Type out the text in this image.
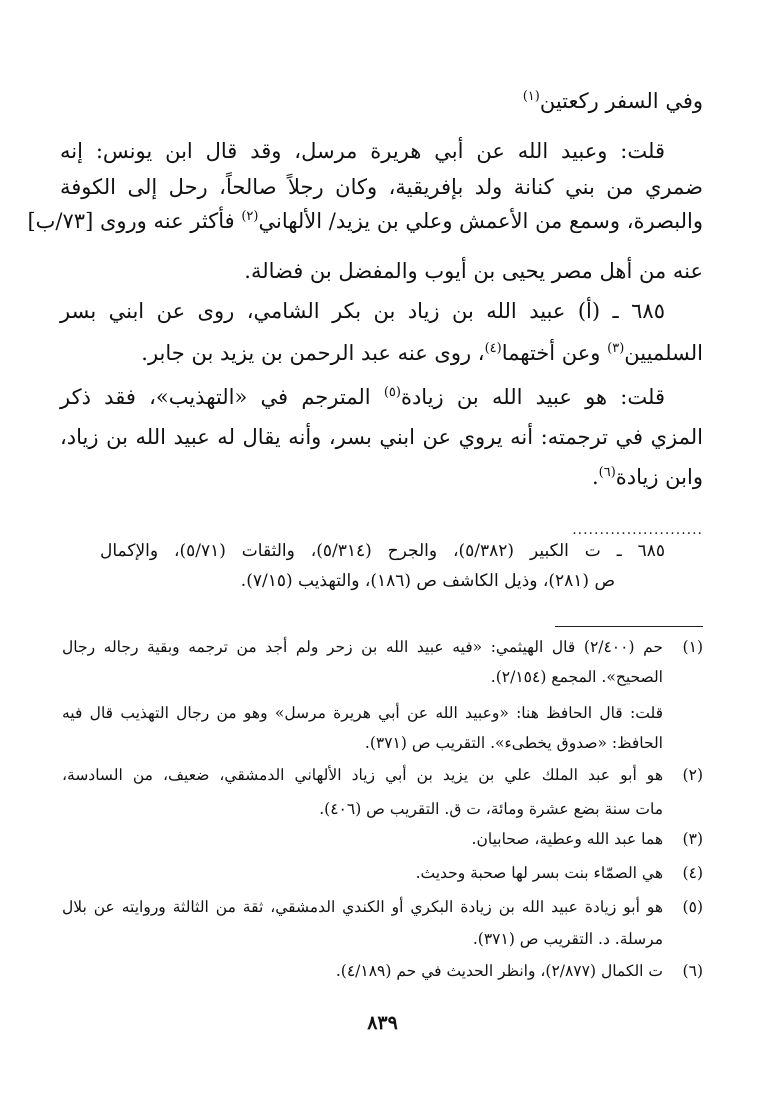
وفي السفر ركعتين$^{(١)}$
قلت: وعبيد الله عن أبي هريرة مرسل، وقد قال ابن يونس: إنه
ضمري من بني كنانة ولد بإفريقية، وكان رجلاً صالحاً، رحل إلى الكوفة
والبصرة، وسمع من الأعمش وعلي بن يزيد/ الألهاني$^{(٢)}$ فأكثر عنه وروى [٧٣/ب]
عنه من أهل مصر يحيى بن أيوب والمفضل بن فضالة.
٦٨٥ ـ (أ) عبيد الله بن زياد بن بكر الشامي، روى عن ابني بسر
السلميين$^{(٣)}$ وعن أختهما$^{(٤)}$، روى عنه عبد الرحمن بن يزيد بن جابر.
قلت: هو عبيد الله بن زيادة$^{(٥)}$ المترجم في «التهذيب»، فقد ذكر
المزي في ترجمته: أنه يروي عن ابني بسر، وأنه يقال له عبيد الله بن زياد،
وابن زيادة$^{(٦)}$.
........................
٦٨٥ ـ ت الكبير (٥/٣٨٢)، والجرح (٥/٣١٤)، والثقات (٥/٧١)، والإكمال
ص (٢٨١)، وذيل الكاشف ص (١٨٦)، والتهذيب (٧/١٥).
(١)حم (٢/٤٠٠) قال الهيثمي: «فيه عبيد الله بن زحر ولم أجد من ترجمه وبقية رجاله رجال
الصحيح». المجمع (٢/١٥٤).
قلت: قال الحافظ هنا: «وعبيد الله عن أبي هريرة مرسل» وهو من رجال التهذيب قال فيه
الحافظ: «صدوق يخطىء». التقريب ص (٣٧١).
(٢)هو أبو عبد الملك علي بن يزيد بن أبي زياد الألهاني الدمشقي، ضعيف، من السادسة،
مات سنة بضع عشرة ومائة، ت ق. التقريب ص (٤٠٦).
(٣)هما عبد الله وعطية، صحابيان.
(٤)هي الصمّاء بنت بسر لها صحبة وحديث.
(٥)هو أبو زيادة عبيد الله بن زيادة البكري أو الكندي الدمشقي، ثقة من الثالثة وروايته عن بلال
مرسلة. د. التقريب ص (٣٧١).
(٦)ت الكمال (٢/٨٧٧)، وانظر الحديث في حم (٤/١٨٩).
٨٣٩
